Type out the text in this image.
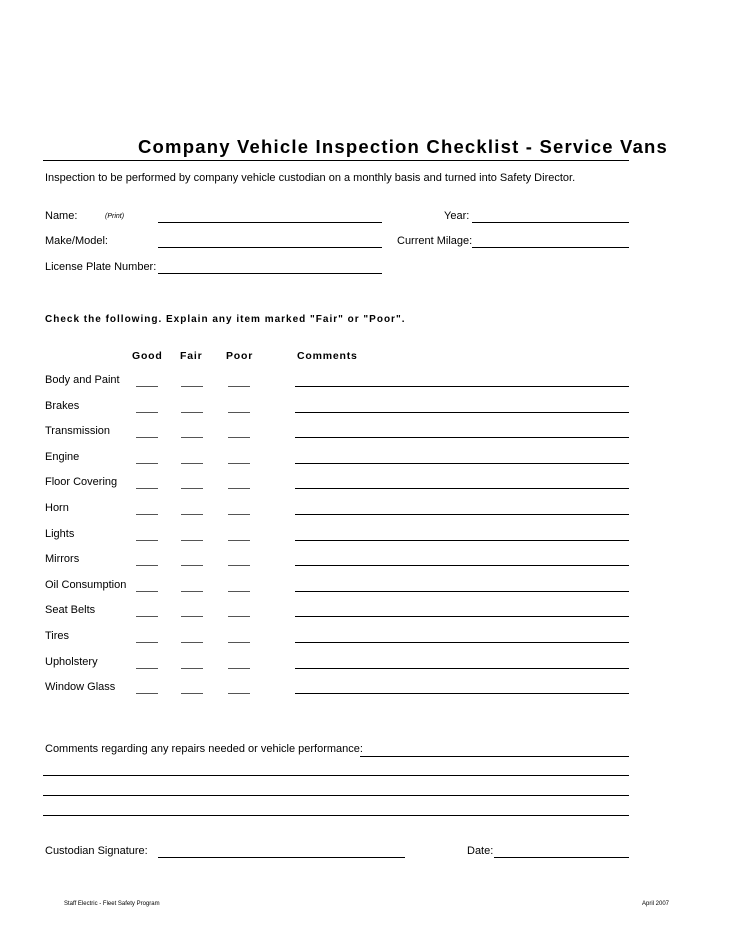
Company Vehicle Inspection Checklist - Service Vans
Inspection to be performed by company vehicle custodian on a monthly basis and turned into Safety Director.
Name:	(Print)	Year:
Make/Model:	Current Milage:
License Plate Number:
Check the following. Explain any item marked "Fair" or "Poor".
Good Fair Poor	Comments
Body and Paint
Brakes
Transmission
Engine
Floor Covering
Horn
Lights
Mirrors
Oil Consumption
Seat Belts
Tires
Upholstery
Window Glass
Comments regarding any repairs needed or vehicle performance:
Custodian Signature:	Date:
Staff Electric - Fleet Safety Program	April 2007
